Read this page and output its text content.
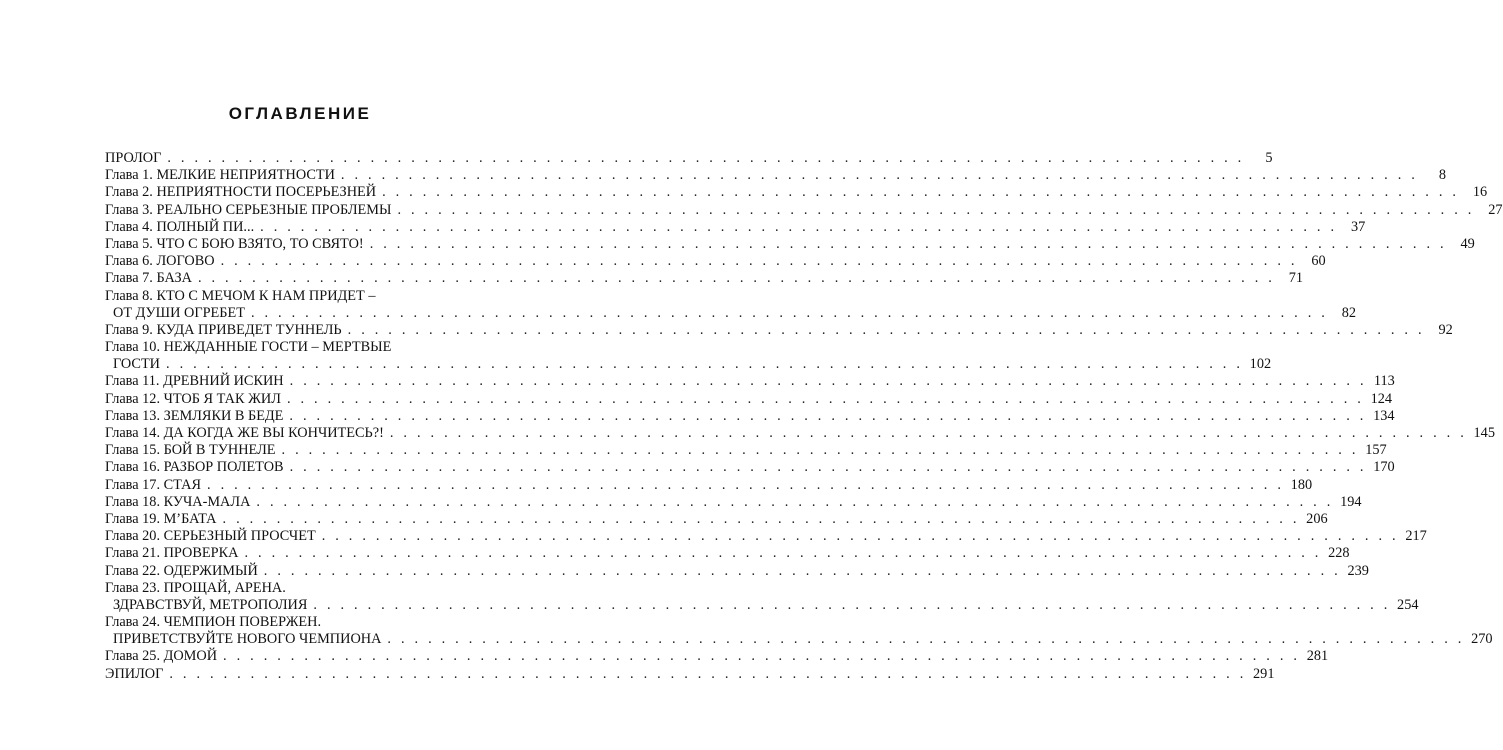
ОГЛАВЛЕНИЕ
ПРОЛОГ . . . . . . . . . . . . . . . . . . . . . . . . . . . . . . . . . . . . . . . . . . . . . . . . . . . . . . . . . . . . . . . . . . . . . . . . . . . . . . . .	5
Глава 1. МЕЛКИЕ НЕПРИЯТНОСТИ . . . . . . . . . . . . . . . . . . . . . . . . . . . . . . . . . . . . . . . . . . . . . . . . . . . . . . . . . . . . . . . . . . . . . . . . . . . . . . . .	8
Глава 2. НЕПРИЯТНОСТИ ПОСЕРЬЕЗНЕЙ . . . . . . . . . . . . . . . . . . . . . . . . . . . . . . . . . . . . . . . . . . . . . . . . . . . . . . . . . . . . . . . . . . . . . . . . . . . . . . . . 16
Глава 3. РЕАЛЬНО СЕРЬЕЗНЫЕ ПРОБЛЕМЫ . . . . . . . . . . . . . . . . . . . . . . . . . . . . . . . . . . . . . . . . . . . . . . . . . . . . . . . . . . . . . . . . . . . . . . . . . . . . . . . . 27
Глава 4. ПОЛНЫЙ ПИ... . . . . . . . . . . . . . . . . . . . . . . . . . . . . . . . . . . . . . . . . . . . . . . . . . . . . . . . . . . . . . . . . . . . . . . . . . . . . . . . . 37
Глава 5. ЧТО С БОЮ ВЗЯТО, ТО СВЯТО! . . . . . . . . . . . . . . . . . . . . . . . . . . . . . . . . . . . . . . . . . . . . . . . . . . . . . . . . . . . . . . . . . . . . . . . . . . . . . . . . 49
Глава 6. ЛОГОВО . . . . . . . . . . . . . . . . . . . . . . . . . . . . . . . . . . . . . . . . . . . . . . . . . . . . . . . . . . . . . . . . . . . . . . . . . . . . . . . . 60
Глава 7. БАЗА . . . . . . . . . . . . . . . . . . . . . . . . . . . . . . . . . . . . . . . . . . . . . . . . . . . . . . . . . . . . . . . . . . . . . . . . . . . . . . . . 71
Глава 8. КТО С МЕЧОМ К НАМ ПРИДЕТ –
ОТ ДУШИ ОГРЕБЕТ . . . . . . . . . . . . . . . . . . . . . . . . . . . . . . . . . . . . . . . . . . . . . . . . . . . . . . . . . . . . . . . . . . . . . . . . . . . . . . . . 82
Глава 9. КУДА ПРИВЕДЕТ ТУННЕЛЬ . . . . . . . . . . . . . . . . . . . . . . . . . . . . . . . . . . . . . . . . . . . . . . . . . . . . . . . . . . . . . . . . . . . . . . . . . . . . . . . . 92
Глава 10. НЕЖДАННЫЕ ГОСТИ – МЕРТВЫЕ
ГОСТИ . . . . . . . . . . . . . . . . . . . . . . . . . . . . . . . . . . . . . . . . . . . . . . . . . . . . . . . . . . . . . . . . . . . . . . . . . . . . . . . . 102
Глава 11. ДРЕВНИЙ ИСКИН . . . . . . . . . . . . . . . . . . . . . . . . . . . . . . . . . . . . . . . . . . . . . . . . . . . . . . . . . . . . . . . . . . . . . . . . . . . . . . . . 113
Глава 12. ЧТОБ Я ТАК ЖИЛ . . . . . . . . . . . . . . . . . . . . . . . . . . . . . . . . . . . . . . . . . . . . . . . . . . . . . . . . . . . . . . . . . . . . . . . . . . . . . . . . 124
Глава 13. ЗЕМЛЯКИ В БЕДЕ . . . . . . . . . . . . . . . . . . . . . . . . . . . . . . . . . . . . . . . . . . . . . . . . . . . . . . . . . . . . . . . . . . . . . . . . . . . . . . . . 134
Глава 14. ДА КОГДА ЖЕ ВЫ КОНЧИТЕСЬ?! . . . . . . . . . . . . . . . . . . . . . . . . . . . . . . . . . . . . . . . . . . . . . . . . . . . . . . . . . . . . . . . . . . . . . . . . . . . . . . . . 145
Глава 15. БОЙ В ТУННЕЛЕ . . . . . . . . . . . . . . . . . . . . . . . . . . . . . . . . . . . . . . . . . . . . . . . . . . . . . . . . . . . . . . . . . . . . . . . . . . . . . . . . 157
Глава 16. РАЗБОР ПОЛЕТОВ . . . . . . . . . . . . . . . . . . . . . . . . . . . . . . . . . . . . . . . . . . . . . . . . . . . . . . . . . . . . . . . . . . . . . . . . . . . . . . . . 170
Глава 17. СТАЯ . . . . . . . . . . . . . . . . . . . . . . . . . . . . . . . . . . . . . . . . . . . . . . . . . . . . . . . . . . . . . . . . . . . . . . . . . . . . . . . . 180
Глава 18. КУЧА-МАЛА . . . . . . . . . . . . . . . . . . . . . . . . . . . . . . . . . . . . . . . . . . . . . . . . . . . . . . . . . . . . . . . . . . . . . . . . . . . . . . . . 194
Глава 19. М’БАТА . . . . . . . . . . . . . . . . . . . . . . . . . . . . . . . . . . . . . . . . . . . . . . . . . . . . . . . . . . . . . . . . . . . . . . . . . . . . . . . . 206
Глава 20. СЕРЬЕЗНЫЙ ПРОСЧЕТ . . . . . . . . . . . . . . . . . . . . . . . . . . . . . . . . . . . . . . . . . . . . . . . . . . . . . . . . . . . . . . . . . . . . . . . . . . . . . . . . 217
Глава 21. ПРОВЕРКА . . . . . . . . . . . . . . . . . . . . . . . . . . . . . . . . . . . . . . . . . . . . . . . . . . . . . . . . . . . . . . . . . . . . . . . . . . . . . . . . 228
Глава 22. ОДЕРЖИМЫЙ . . . . . . . . . . . . . . . . . . . . . . . . . . . . . . . . . . . . . . . . . . . . . . . . . . . . . . . . . . . . . . . . . . . . . . . . . . . . . . . . 239
Глава 23. ПРОЩАЙ, АРЕНА.
ЗДРАВСТВУЙ, МЕТРОПОЛИЯ . . . . . . . . . . . . . . . . . . . . . . . . . . . . . . . . . . . . . . . . . . . . . . . . . . . . . . . . . . . . . . . . . . . . . . . . . . . . . . . . 254
Глава 24. ЧЕМПИОН ПОВЕРЖЕН.
ПРИВЕТСТВУЙТЕ НОВОГО ЧЕМПИОНА . . . . . . . . . . . . . . . . . . . . . . . . . . . . . . . . . . . . . . . . . . . . . . . . . . . . . . . . . . . . . . . . . . . . . . . . . . . . . . . . 270
Глава 25. ДОМОЙ . . . . . . . . . . . . . . . . . . . . . . . . . . . . . . . . . . . . . . . . . . . . . . . . . . . . . . . . . . . . . . . . . . . . . . . . . . . . . . . . 281
ЭПИЛОГ . . . . . . . . . . . . . . . . . . . . . . . . . . . . . . . . . . . . . . . . . . . . . . . . . . . . . . . . . . . . . . . . . . . . . . . . . . . . . . . . 291
